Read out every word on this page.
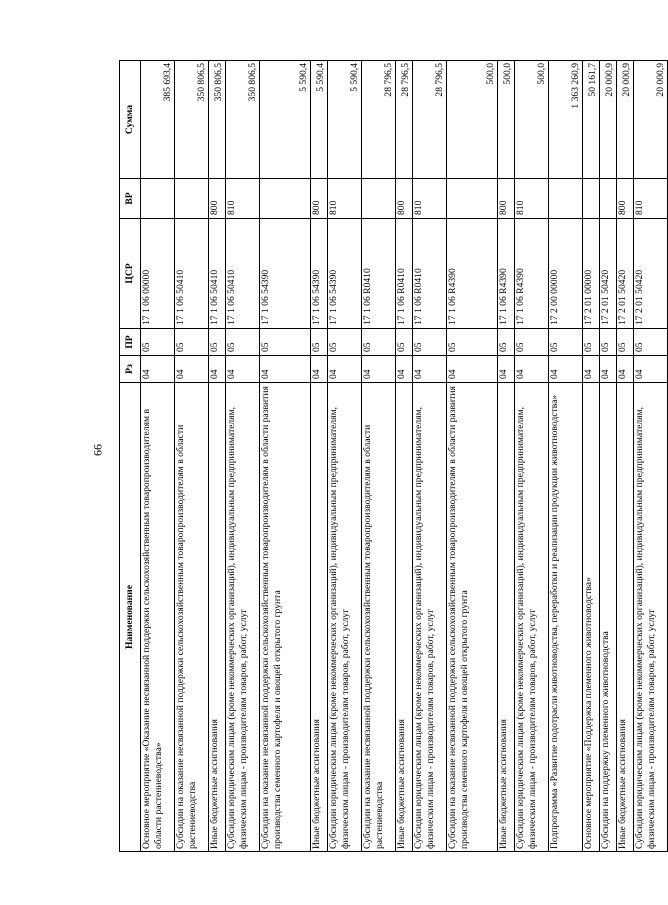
66
Наименование	Рз	ПР	ЦСР	ВР	Сумма
Основное мероприятие «Оказание несвязанной поддержки сельскохозяйственным товаропроизводителям в области растениеводства»	04	05	17 1 06 00000		385 693,4
Субсидии на оказание несвязанной поддержки сельскохозяйственным товаропроизводителям в области растениеводства	04	05	17 1 06 50410		350 806,5
Иные бюджетные ассигнования	04	05	17 1 06 50410	800	350 806,5
Субсидии юридическим лицам (кроме некоммерческих организаций), индивидуальным предпринимателям, физическим лицам - производителям товаров, работ, услуг	04	05	17 1 06 50410	810	350 806,5
Субсидии на оказание несвязанной поддержки сельскохозяйственным товаропроизводителям в области развития производства семенного картофеля и овощей открытого грунта	04	05	17 1 06 54390		5 590,4
Иные бюджетные ассигнования	04	05	17 1 06 54390	800	5 590,4
Субсидии юридическим лицам (кроме некоммерческих организаций), индивидуальным предпринимателям, физическим лицам - производителям товаров, работ, услуг	04	05	17 1 06 54390	810	5 590,4
Субсидии на оказание несвязанной поддержки сельскохозяйственным товаропроизводителям в области растениеводства	04	05	17 1 06 R0410		28 796,5
Иные бюджетные ассигнования	04	05	17 1 06 R0410	800	28 796,5
Субсидии юридическим лицам (кроме некоммерческих организаций), индивидуальным предпринимателям, физическим лицам - производителям товаров, работ, услуг	04	05	17 1 06 R0410	810	28 796,5
Субсидии на оказание несвязанной поддержки сельскохозяйственным товаропроизводителям в области развития производства семенного картофеля и овощей открытого грунта	04	05	17 1 06 R4390		500,0
Иные бюджетные ассигнования	04	05	17 1 06 R4390	800	500,0
Субсидии юридическим лицам (кроме некоммерческих организаций), индивидуальным предпринимателям, физическим лицам - производителям товаров, работ, услуг	04	05	17 1 06 R4390	810	500,0
Подпрограмма «Развитие подотрасли животноводства, переработки и реализации продукции животноводства»	04	05	17 2 00 00000		1 363 260,9
Основное мероприятие «Поддержка племенного животноводства»	04	05	17 2 01 00000		50 161,7
Субсидии на поддержку племенного животноводства	04	05	17 2 01 50420		20 000,9
Иные бюджетные ассигнования	04	05	17 2 01 50420	800	20 000,9
Субсидии юридическим лицам (кроме некоммерческих организаций), индивидуальным предпринимателям, физическим лицам - производителям товаров, работ, услуг	04	05	17 2 01 50420	810	20 000,9
